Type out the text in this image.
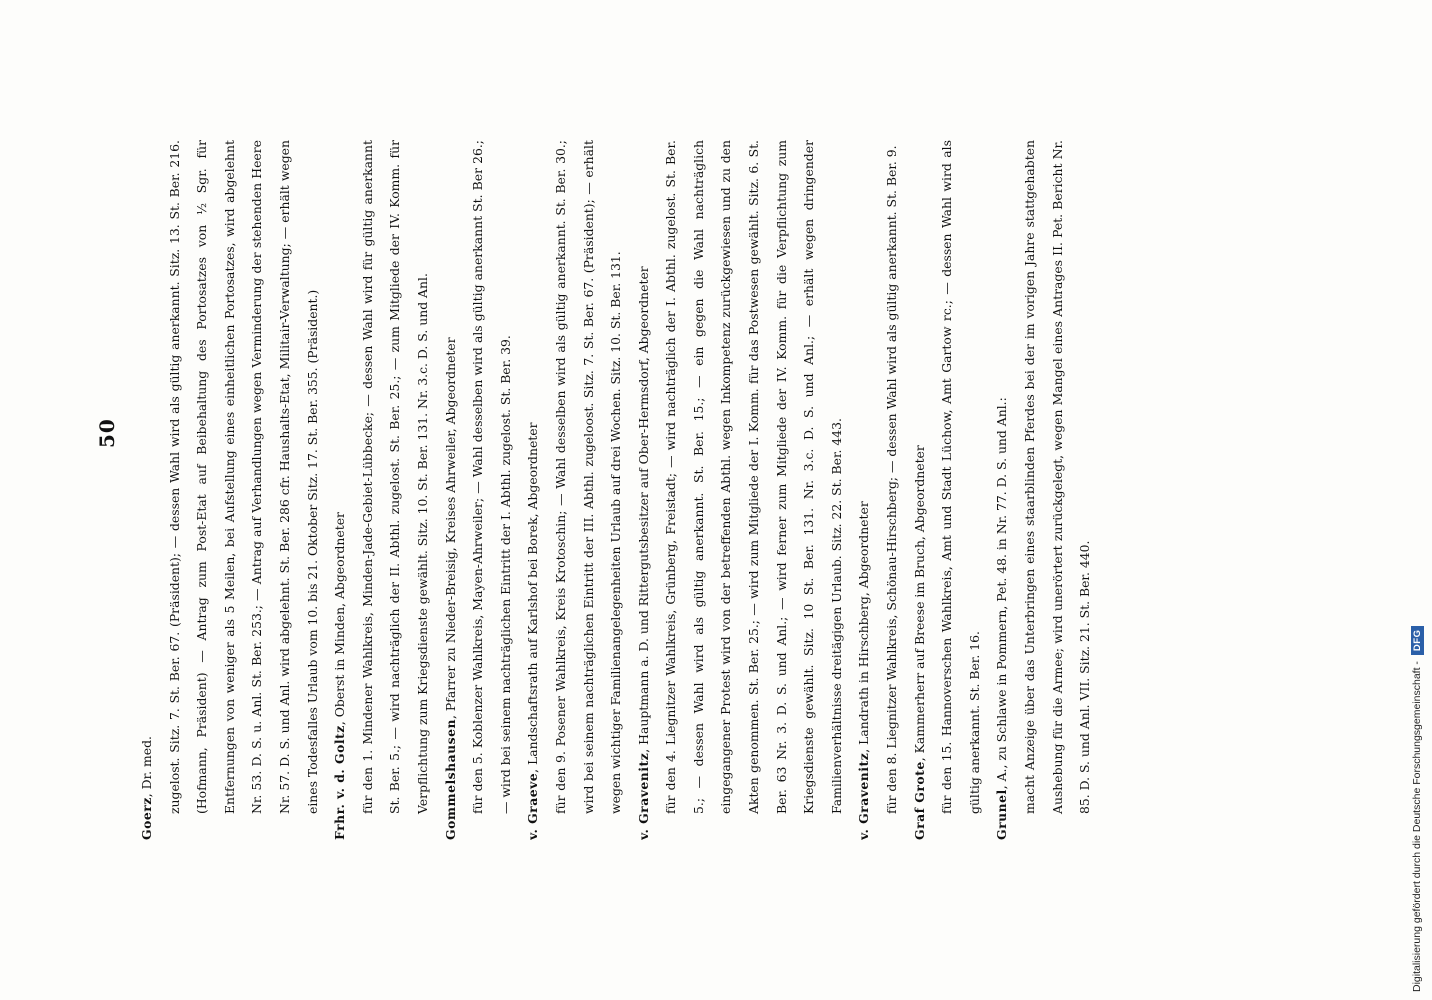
50

Goerz, Dr. med.	zugelost. Sitz. 7. St. Ber. 67. (Präsident); — dessen Wahl wird als gültig anerkannt. Sitz. 13. St. Ber. 216. (Hofmann, Präsident) — Antrag zum Post-Etat auf Beibehaltung des Portosatzes von ½ Sgr. für Entfernungen von weniger als 5 Meilen, bei Aufstellung eines einheitlichen Portosatzes, wird abgelehnt Nr. 53. D. S. u. Anl. St. Ber. 253.; — Antrag auf Verhandlungen wegen Verminderung der stehenden Heere Nr. 57. D. S. und Anl. wird abgelehnt. St. Ber. 286 cfr. Haushalts-Etat, Militair-Verwaltung; — erhält wegen eines Todesfalles Urlaub vom 10. bis 21. Oktober Sitz. 17. St. Ber. 355. (Präsident.)	Frhr. v. d. Goltz, Oberst in Minden, Abgeordneter	für den 1. Mindener Wahlkreis, Minden-Jade-Gebiet-Lübbecke; — dessen Wahl wird für gültig anerkannt St. Ber. 5.; — wird nachträglich der II. Abthl. zugelost. St. Ber. 25.; — zum Mitgliede der IV. Komm. für Verpflichtung zum Kriegsdienste gewählt. Sitz. 10. St. Ber. 131. Nr. 3.c. D. S. und Anl.	Gommelshausen, Pfarrer zu Nieder-Breisig, Kreises Ahrweiler, Abgeordneter	für den 5. Koblenzer Wahlkreis, Mayen-Ahrweiler; — Wahl desselben wird als gültig anerkannt St. Ber 26.; — wird bei seinem nachträglichen Eintritt der I. Abthl. zugelost. St. Ber. 39.	v. Graeve, Landschaftsrath auf Karlshof bei Borek, Abgeordneter	für den 9. Posener Wahlkreis, Kreis Krotoschin; — Wahl desselben wird als gültig anerkannt. St. Ber. 30.; wird bei seinem nachträglichen Eintritt der III. Abthl. zugeloost. Sitz. 7. St. Ber. 67. (Präsident); — erhält wegen wichtiger Familienangelegenheiten Urlaub auf drei Wochen. Sitz. 10. St. Ber. 131.	v. Gravenitz, Hauptmann a. D. und Rittergutsbesitzer auf Ober-Hermsdorf, Abgeordneter	für den 4. Liegnitzer Wahlkreis, Grünberg, Freistadt; — wird nachträglich der I. Abthl. zugelost. St. Ber. 5.; — dessen Wahl wird als gültig anerkannt. St. Ber. 15.; — ein gegen die Wahl nachträglich eingegangener Protest wird von der betreffenden Abthl. wegen Inkompetenz zurückgewiesen und zu den Akten genommen. St. Ber. 25.; — wird zum Mitgliede der I. Komm. für das Postwesen gewählt. Sitz. 6. St. Ber. 63 Nr. 3. D. S. und Anl.; — wird ferner zum Mitgliede der IV. Komm. für die Verpflichtung zum Kriegsdienste gewählt. Sitz. 10 St. Ber. 131. Nr. 3.c. D. S. und Anl.; — erhält wegen dringender Familienverhältnisse dreitägigen Urlaub. Sitz. 22. St. Ber. 443.	v. Gravenitz, Landrath in Hirschberg, Abgeordneter	für den 8. Liegnitzer Wahlkreis, Schönau-Hirschberg; — dessen Wahl wird als gültig anerkannt. St. Ber. 9.	Graf Grote, Kammerherr auf Breese im Bruch, Abgeordneter	für den 15. Hannoverschen Wahlkreis, Amt und Stadt Lüchow, Amt Gartow rc.; — dessen Wahl wird als gültig anerkannt. St. Ber. 16.

Grunel, A., zu Schlawe in Pommern, Pet. 48. in Nr. 77. D. S. und Anl.:	macht Anzeige über das Unterbringen eines staarblinden Pferdes bei der im vorigen Jahre stattgehabten Aushebung für die Armee; wird unerörtert zurückgelegt, wegen Mangel eines Antrages II. Pet. Bericht Nr. 85. D. S. und Anl. VII. Sitz. 21. St. Ber. 440.	Digitalisierung gefördert durch die Deutsche Forschungsgemeinschaft -
DFG
